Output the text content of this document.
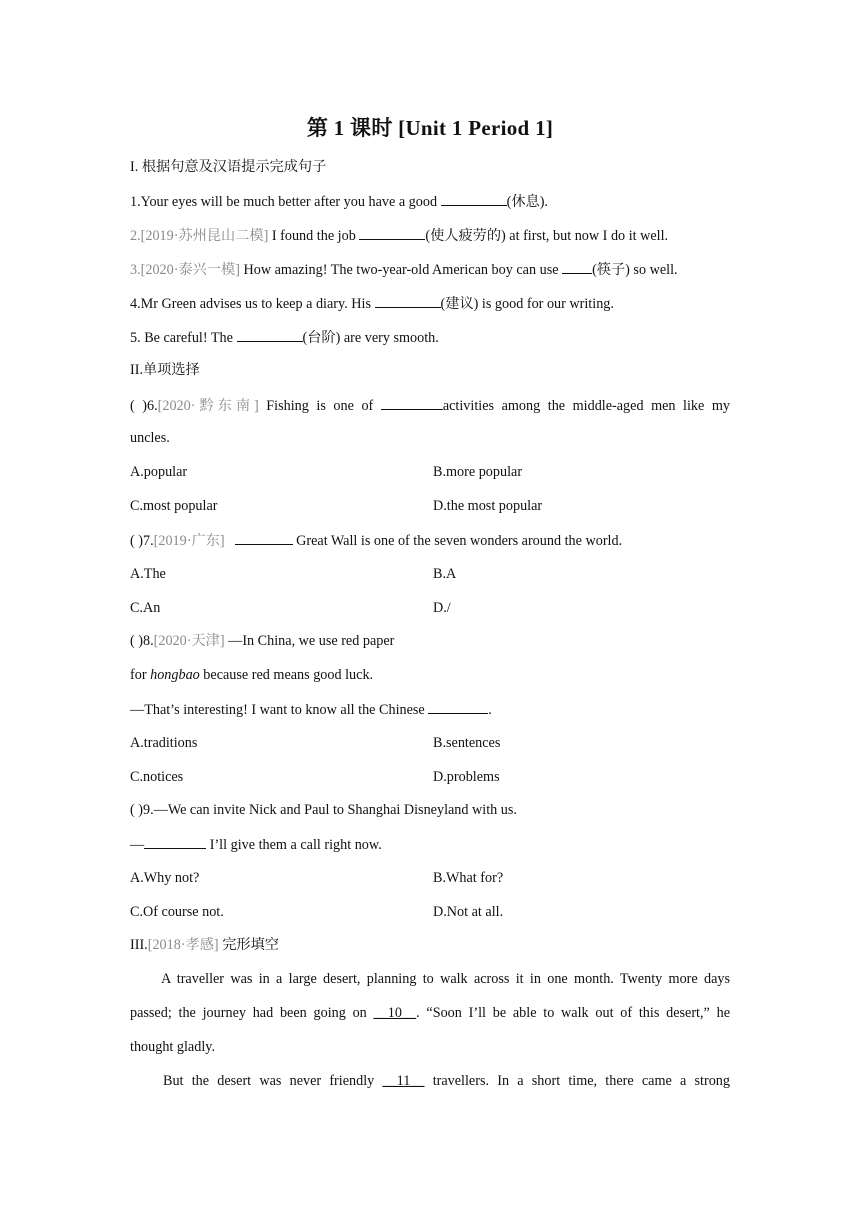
第 1 课时 [Unit 1 Period 1]
I. 根据句意及汉语提示完成句子
1.Your eyes will be much better after you have a good	(休息).
2.[2019·苏州昆山二模] I found the job	(使人疲劳的) at first, but now I do it well.
3.[2020·泰兴一模] How amazing! The two-year-old American boy can use (筷子) so well.
4.Mr Green advises us to keep a diary. His	(建议) is good for our writing.
5. Be careful! The	(台阶) are very smooth.
II.单项选择
( )6.[2020·黔东南] Fishing is one of	activities among the middle-aged men like my
uncles.
A.popular	B.more popular
C.most popular	D.the most popular
( )7.[2019·广东]	Great Wall is one of the seven wonders around the world.
A.The	B.A
C.An	D./
( )8.[2020·天津] —In China, we use red paper
for hongbao because red means good luck.
—That’s interesting! I want to know all the Chinese	.
A.traditions	B.sentences
C.notices	D.problems
( )9.—We can invite Nick and Paul to Shanghai Disneyland with us.
—	I’ll give them a call right now.
A.Why not?	B.What for?
C.Of course not.	D.Not at all.
III.[2018·孝感] 完形填空
A traveller was in a large desert, planning to walk across it in one month. Twenty more days
passed; the journey had been going on __10__. “Soon I’ll be able to walk out of this desert,” he
thought gladly.
But the desert was never friendly __11__ travellers. In a short time, there came a strong
